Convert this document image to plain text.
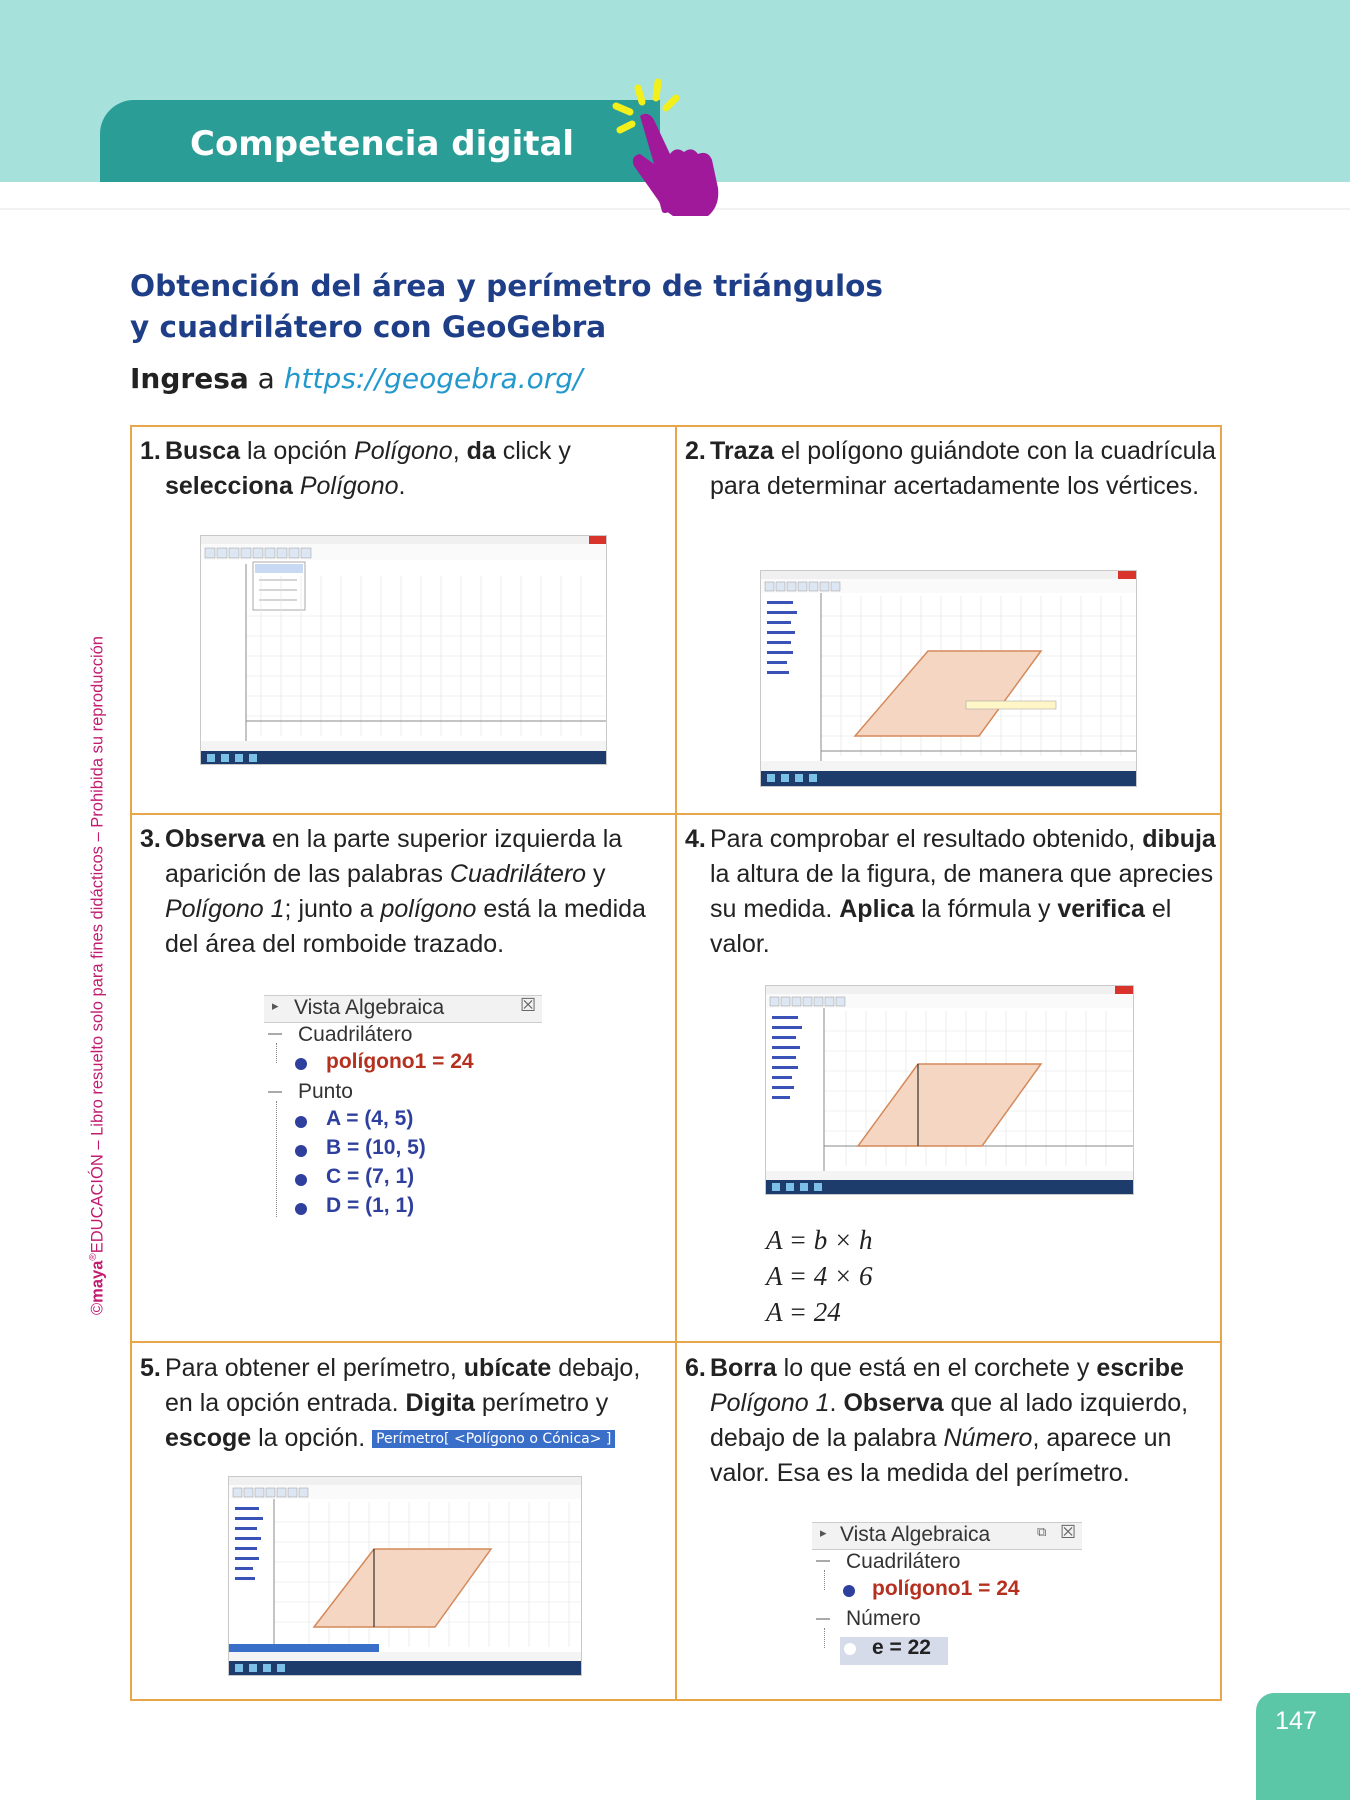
Competencia digital
©maya®EDUCACIÓN – Libro resuelto solo para fines didácticos – Prohibida su reproducción
Obtención del área y perímetro de triángulos
y cuadrilátero con GeoGebra
Ingresa a https://geogebra.org/
1. Busca la opción Polígono, da click y selecciona Polígono.
2. Traza el polígono guiándote con la cuadrícula para determinar acertadamente los vértices.
3. Observa en la parte superior izquierda la aparición de las palabras Cuadrilátero y Polígono 1; junto a polígono está la medida del área del romboide trazado.
▸ Vista Algebraica	☒
Cuadrilátero
polígono1 = 24
Punto
A = (4, 5)
B = (10, 5)
C = (7, 1)
D = (1, 1)
4. Para comprobar el resultado obtenido, dibuja la altura de la figura, de manera que aprecies su medida. Aplica la fórmula y verifica el valor.
A = b × h
A = 4 × 6
A = 24
5. Para obtener el perímetro, ubícate debajo, en la opción entrada. Digita perímetro y escoge la opción. Perímetro[ <Polígono o Cónica> ]
6. Borra lo que está en el corchete y escribe Polígono 1. Observa que al lado izquierdo, debajo de la palabra Número, aparece un valor. Esa es la medida del perímetro.
▸ Vista Algebraica	⧉ ☒
Cuadrilátero
polígono1 = 24
Número
e = 22
147
